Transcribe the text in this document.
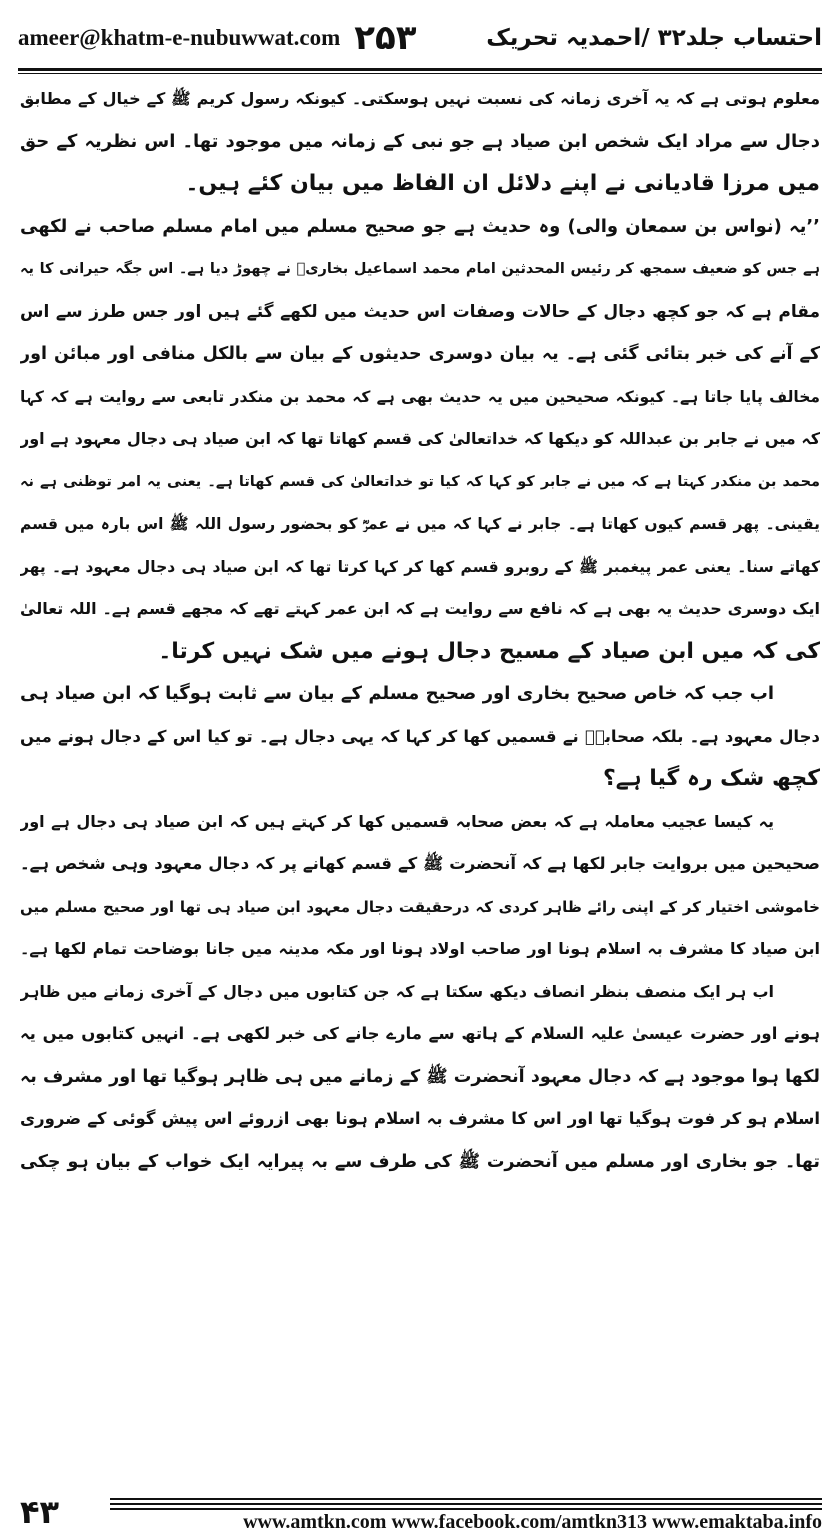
ameer@khatm-e-nubuwwat.com ۲۵۳	احتساب جلد۳۲ /احمدیہ تحریک
معلوم ہوتی ہے کہ یہ آخری زمانہ کی نسبت نہیں ہوسکتی۔ کیونکہ رسول کریم ﷺ کے خیال کے مطابق
دجال سے مراد ایک شخص ابن صیاد ہے جو نبی کے زمانہ میں موجود تھا۔ اس نظریہ کے حق
میں مرزا قادیانی نے اپنے دلائل ان الفاظ میں بیان کئے ہیں۔
’’یہ (نواس بن سمعان والی) وہ حدیث ہے جو صحیح مسلم میں امام مسلم صاحب نے لکھی
ہے جس کو ضعیف سمجھ کر رئیس المحدثین امام محمد اسماعیل بخاریؒ نے چھوڑ دیا ہے۔ اس جگہ حیرانی کا یہ
مقام ہے کہ جو کچھ دجال کے حالات وصفات اس حدیث میں لکھے گئے ہیں اور جس طرز سے اس
کے آنے کی خبر بتائی گئی ہے۔ یہ بیان دوسری حدیثوں کے بیان سے بالکل منافی اور مبائن اور
مخالف پایا جاتا ہے۔ کیونکہ صحیحین میں یہ حدیث بھی ہے کہ محمد بن منکدر تابعی سے روایت ہے کہ کہا
کہ میں نے جابر بن عبداللہ کو دیکھا کہ خداتعالیٰ کی قسم کھاتا تھا کہ ابن صیاد ہی دجال معہود ہے اور
محمد بن منکدر کہتا ہے کہ میں نے جابر کو کہا کہ کیا تو خداتعالیٰ کی قسم کھاتا ہے۔ یعنی یہ امر توظنی ہے نہ
یقینی۔ پھر قسم کیوں کھاتا ہے۔ جابر نے کہا کہ میں نے عمرؓ کو بحضور رسول اللہ ﷺ اس بارہ میں قسم
کھاتے سنا۔ یعنی عمر پیغمبر ﷺ کے روبرو قسم کھا کر کہا کرتا تھا کہ ابن صیاد ہی دجال معہود ہے۔ پھر
ایک دوسری حدیث یہ بھی ہے کہ نافع سے روایت ہے کہ ابن عمر کہتے تھے کہ مجھے قسم ہے۔ اللہ تعالیٰ
کی کہ میں ابن صیاد کے مسیح دجال ہونے میں شک نہیں کرتا۔
اب جب کہ خاص صحیح بخاری اور صحیح مسلم کے بیان سے ثابت ہوگیا کہ ابن صیاد ہی
دجال معہود ہے۔ بلکہ صحابہؓ نے قسمیں کھا کر کہا کہ یہی دجال ہے۔ تو کیا اس کے دجال ہونے میں
کچھ شک رہ گیا ہے؟
یہ کیسا عجیب معاملہ ہے کہ بعض صحابہ قسمیں کھا کر کہتے ہیں کہ ابن صیاد ہی دجال ہے اور
صحیحین میں بروایت جابر لکھا ہے کہ آنحضرت ﷺ کے قسم کھانے پر کہ دجال معہود وہی شخص ہے۔
خاموشی اختیار کر کے اپنی رائے ظاہر کردی کہ درحقیقت دجال معہود ابن صیاد ہی تھا اور صحیح مسلم میں
ابن صیاد کا مشرف بہ اسلام ہونا اور صاحب اولاد ہونا اور مکہ مدینہ میں جانا بوضاحت تمام لکھا ہے۔
اب ہر ایک منصف بنظر انصاف دیکھ سکتا ہے کہ جن کتابوں میں دجال کے آخری زمانے میں ظاہر
ہونے اور حضرت عیسیٰ علیہ السلام کے ہاتھ سے مارے جانے کی خبر لکھی ہے۔ انہیں کتابوں میں یہ
لکھا ہوا موجود ہے کہ دجال معہود آنحضرت ﷺ کے زمانے میں ہی ظاہر ہوگیا تھا اور مشرف بہ
اسلام ہو کر فوت ہوگیا تھا اور اس کا مشرف بہ اسلام ہونا بھی ازروئے اس پیش گوئی کے ضروری
تھا۔ جو بخاری اور مسلم میں آنحضرت ﷺ کی طرف سے بہ پیرایہ ایک خواب کے بیان ہو چکی
۴۳	www.amtkn.com www.facebook.com/amtkn313 www.emaktaba.info
